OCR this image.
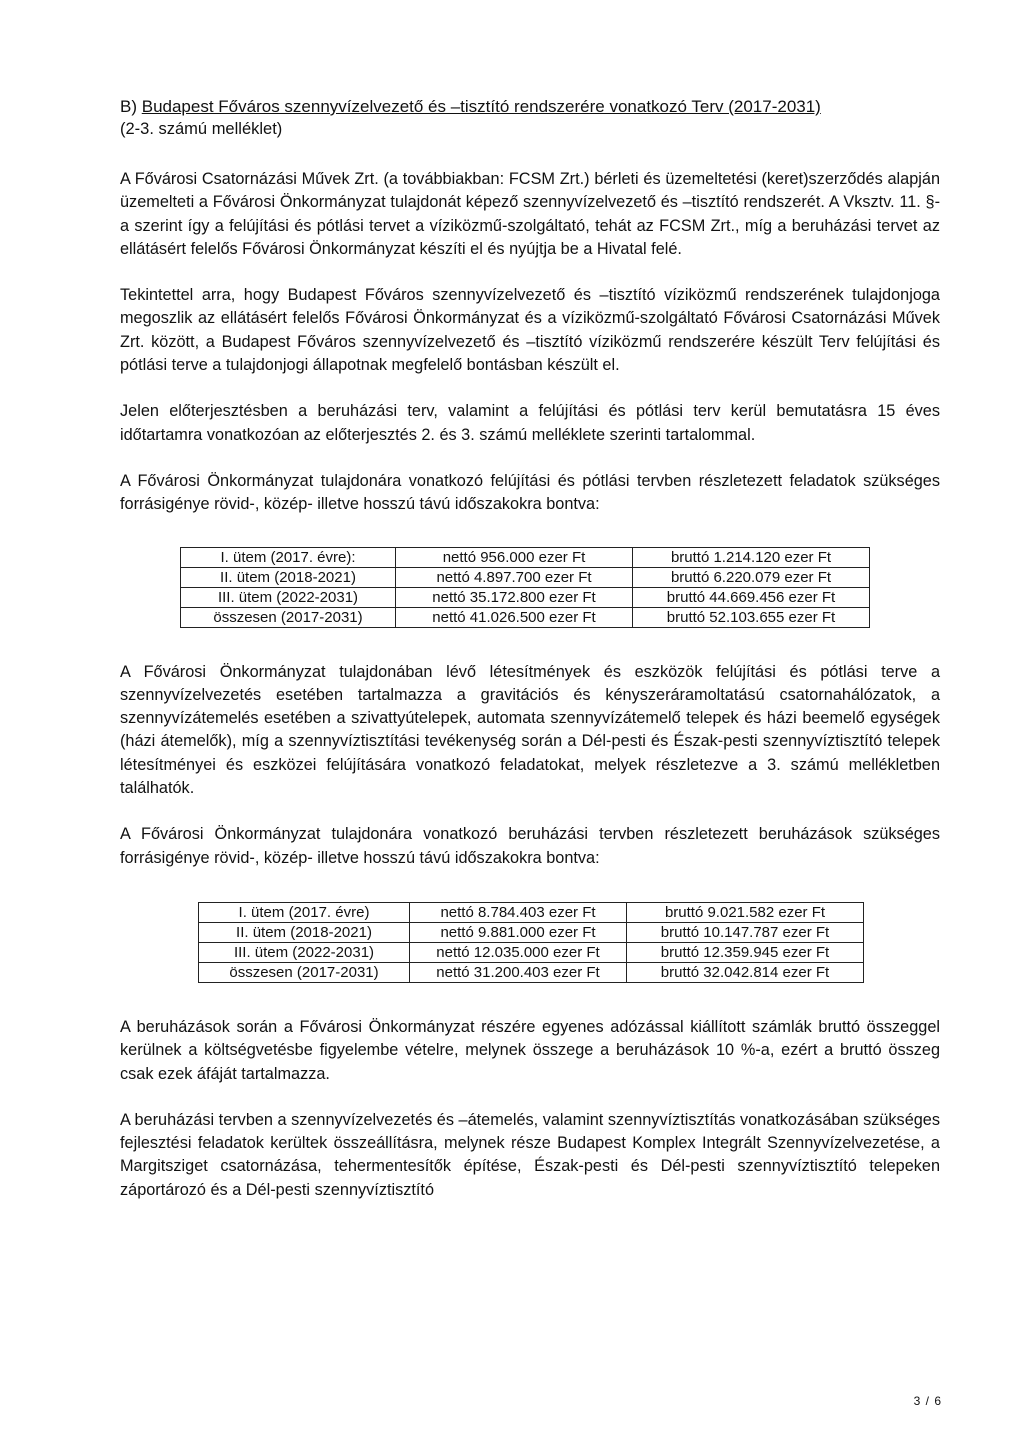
B) Budapest Főváros szennyvízelvezető és –tisztító rendszerére vonatkozó Terv (2017-2031)

(2-3. számú melléklet)

A Fővárosi Csatornázási Művek Zrt. (a továbbiakban: FCSM Zrt.) bérleti és üzemeltetési (keret)szerződés alapján üzemelteti a Fővárosi Önkormányzat tulajdonát képező szennyvízelvezető és –tisztító rendszerét. A Vksztv. 11. §-a szerint így a felújítási és pótlási tervet a víziközmű-szolgáltató, tehát az FCSM Zrt., míg a beruházási tervet az ellátásért felelős Fővárosi Önkormányzat készíti el és nyújtja be a Hivatal felé.

Tekintettel arra, hogy Budapest Főváros szennyvízelvezető és –tisztító víziközmű rendszerének tulajdonjoga megoszlik az ellátásért felelős Fővárosi Önkormányzat és a víziközmű-szolgáltató Fővárosi Csatornázási Művek Zrt. között, a Budapest Főváros szennyvízelvezető és –tisztító víziközmű rendszerére készült Terv felújítási és pótlási terve a tulajdonjogi állapotnak megfelelő bontásban készült el.

Jelen előterjesztésben a beruházási terv, valamint a felújítási és pótlási terv kerül bemutatásra 15 éves időtartamra vonatkozóan az előterjesztés 2. és 3. számú melléklete szerinti tartalommal.

A Fővárosi Önkormányzat tulajdonára vonatkozó felújítási és pótlási tervben részletezett feladatok szükséges forrásigénye rövid-, közép- illetve hosszú távú időszakokra bontva:

I. ütem (2017. évre):	nettó 956.000 ezer Ft	bruttó 1.214.120 ezer Ft
II. ütem (2018-2021)	nettó 4.897.700 ezer Ft	bruttó 6.220.079 ezer Ft
III. ütem (2022-2031)	nettó 35.172.800 ezer Ft	bruttó 44.669.456 ezer Ft
összesen (2017-2031)	nettó 41.026.500 ezer Ft	bruttó 52.103.655 ezer Ft

A Fővárosi Önkormányzat tulajdonában lévő létesítmények és eszközök felújítási és pótlási terve a szennyvízelvezetés esetében tartalmazza a gravitációs és kényszeráramoltatású csatornahálózatok, a szennyvízátemelés esetében a szivattyútelepek, automata szennyvízátemelő telepek és házi beemelő egységek (házi átemelők), míg a szennyvíztisztítási tevékenység során a Dél-pesti és Észak-pesti szennyvíztisztító telepek létesítményei és eszközei felújítására vonatkozó feladatokat, melyek részletezve a 3. számú mellékletben találhatók.

A Fővárosi Önkormányzat tulajdonára vonatkozó beruházási tervben részletezett beruházások szükséges forrásigénye rövid-, közép- illetve hosszú távú időszakokra bontva:

I. ütem (2017. évre)	nettó 8.784.403 ezer Ft	bruttó 9.021.582 ezer Ft
II. ütem (2018-2021)	nettó 9.881.000 ezer Ft	bruttó 10.147.787 ezer Ft
III. ütem (2022-2031)	nettó 12.035.000 ezer Ft	bruttó 12.359.945 ezer Ft
összesen (2017-2031)	nettó 31.200.403 ezer Ft	bruttó 32.042.814 ezer Ft

A beruházások során a Fővárosi Önkormányzat részére egyenes adózással kiállított számlák bruttó összeggel kerülnek a költségvetésbe figyelembe vételre, melynek összege a beruházások 10 %-a, ezért a bruttó összeg csak ezek áfáját tartalmazza.

A beruházási tervben a szennyvízelvezetés és –átemelés, valamint szennyvíztisztítás vonatkozásában szükséges fejlesztési feladatok kerültek összeállításra, melynek része Budapest Komplex Integrált Szennyvízelvezetése, a Margitsziget csatornázása, tehermentesítők építése, Észak-pesti és Dél-pesti szennyvíztisztító telepeken záportározó és a Dél-pesti szennyvíztisztító

3 / 6
